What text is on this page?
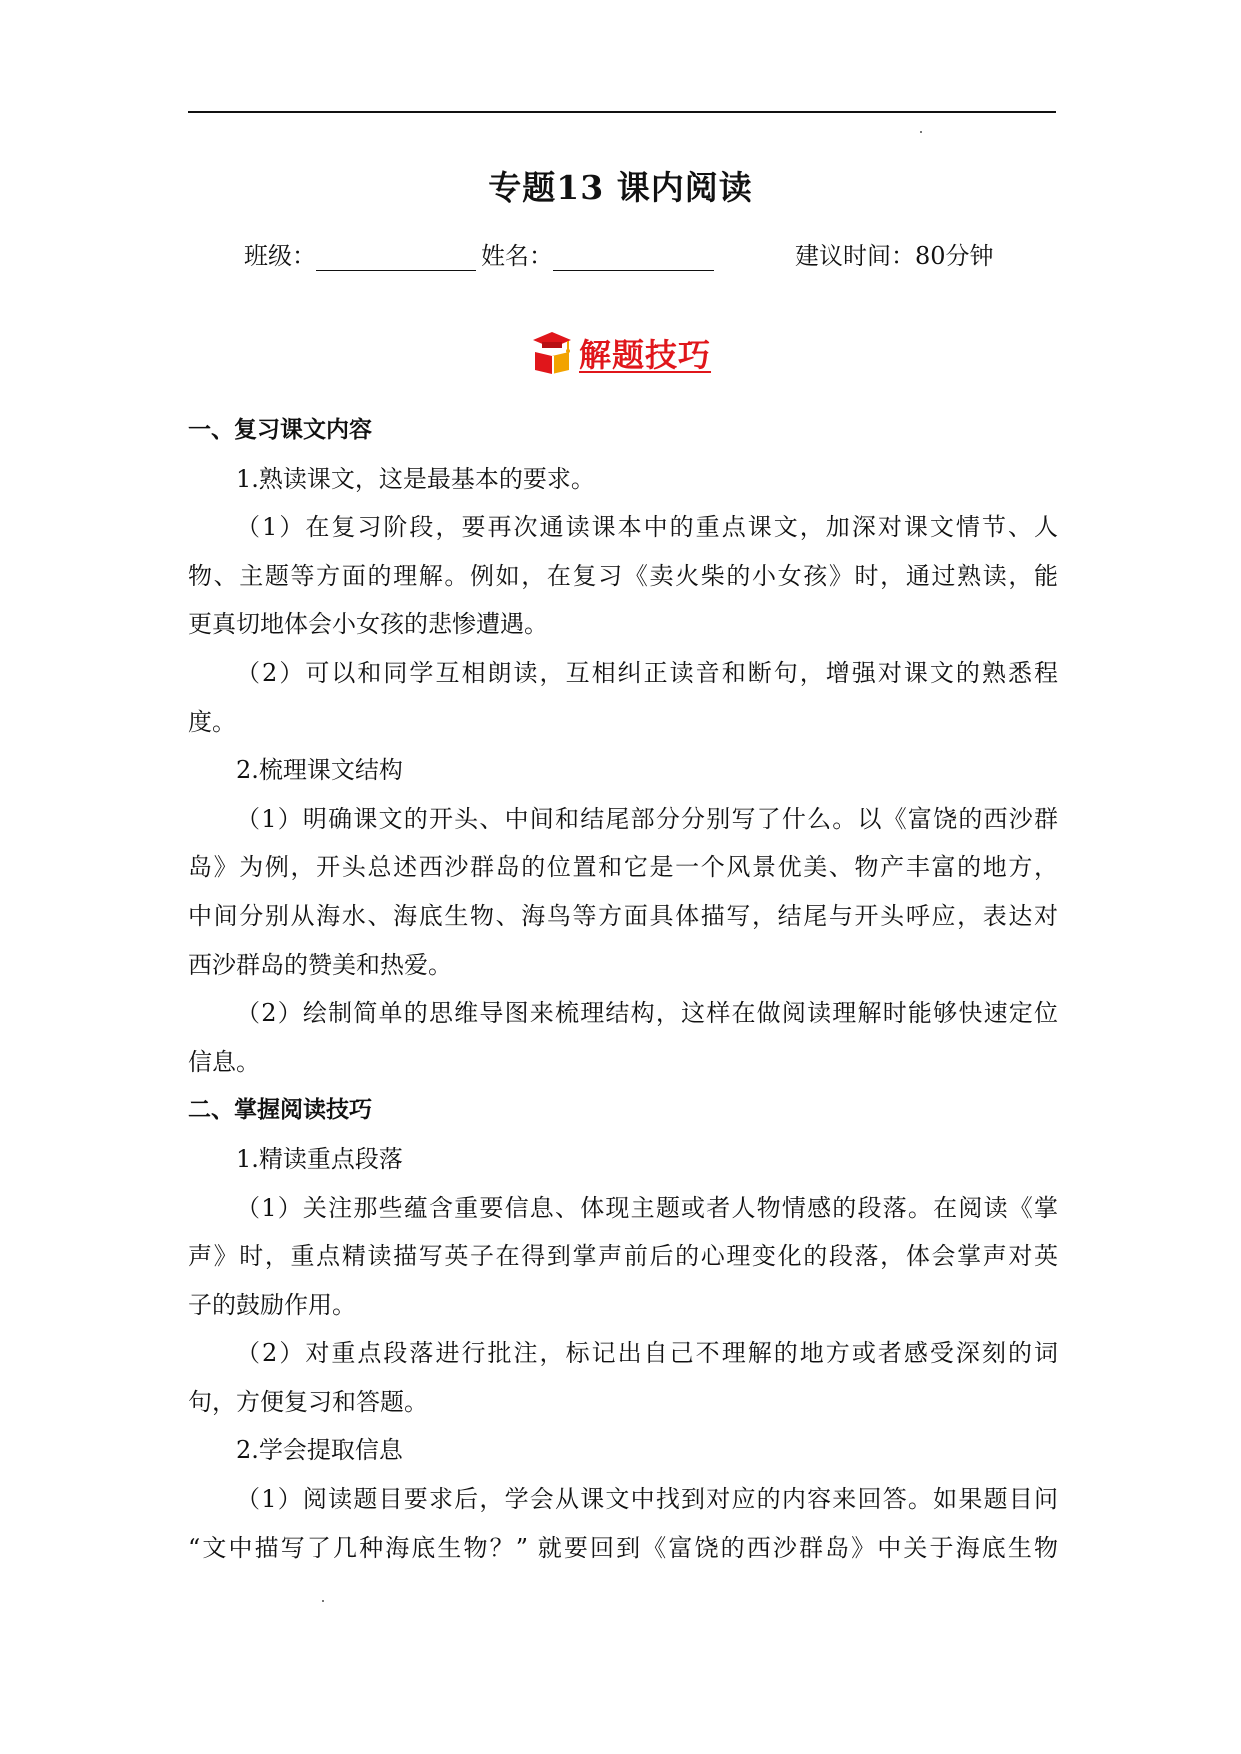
专题13 课内阅读
班级：	姓名：	建议时间：80分钟
解题技巧
一、复习课文内容
1.熟读课文，这是最基本的要求。
（1）在复习阶段，要再次通读课本中的重点课文，加深对课文情节、人
物、主题等方面的理解。例如，在复习《卖火柴的小女孩》时，通过熟读，能
更真切地体会小女孩的悲惨遭遇。
（2）可以和同学互相朗读，互相纠正读音和断句，增强对课文的熟悉程
度。
2.梳理课文结构
（1）明确课文的开头、中间和结尾部分分别写了什么。以《富饶的西沙群
岛》为例，开头总述西沙群岛的位置和它是一个风景优美、物产丰富的地方，
中间分别从海水、海底生物、海鸟等方面具体描写，结尾与开头呼应，表达对
西沙群岛的赞美和热爱。
（2）绘制简单的思维导图来梳理结构，这样在做阅读理解时能够快速定位
信息。
二、掌握阅读技巧
1.精读重点段落
（1）关注那些蕴含重要信息、体现主题或者人物情感的段落。在阅读《掌
声》时，重点精读描写英子在得到掌声前后的心理变化的段落，体会掌声对英
子的鼓励作用。
（2）对重点段落进行批注，标记出自己不理解的地方或者感受深刻的词
句，方便复习和答题。
2.学会提取信息
（1）阅读题目要求后，学会从课文中找到对应的内容来回答。如果题目问
“文中描写了几种海底生物？” 就要回到《富饶的西沙群岛》中关于海底生物
